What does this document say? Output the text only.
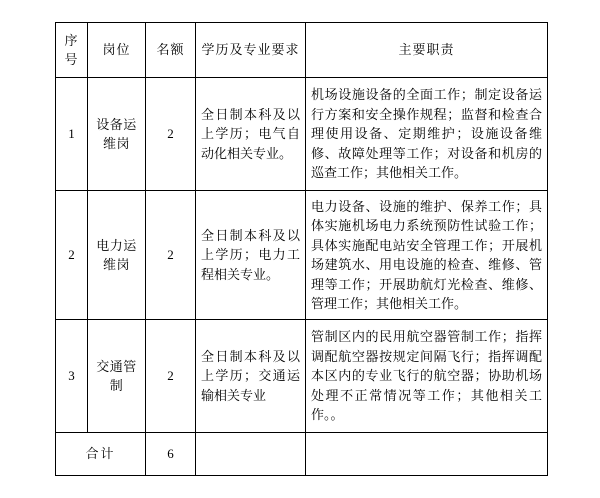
序号	岗位	名额	学历及专业要求	主要职责
1	设备运维岗	2	全日制本科及以上学历；电气自动化相关专业。	机场设施设备的全面工作；制定设备运行方案和安全操作规程；监督和检查合理使用设备、定期维护；设施设备维修、故障处理等工作；对设备和机房的巡查工作；其他相关工作。
2	电力运维岗	2	全日制本科及以上学历；电力工程相关专业。	电力设备、设施的维护、保养工作；具体实施机场电力系统预防性试验工作；具体实施配电站安全管理工作；开展机场建筑水、用电设施的检查、维修、管理等工作；开展助航灯光检查、维修、管理工作；其他相关工作。
3	交通管制	2	全日制本科及以上学历；交通运输相关专业	管制区内的民用航空器管制工作；指挥调配航空器按规定间隔飞行；指挥调配本区内的专业飞行的航空器；协助机场处理不正常情况等工作；其他相关工作。。
合计		6		
